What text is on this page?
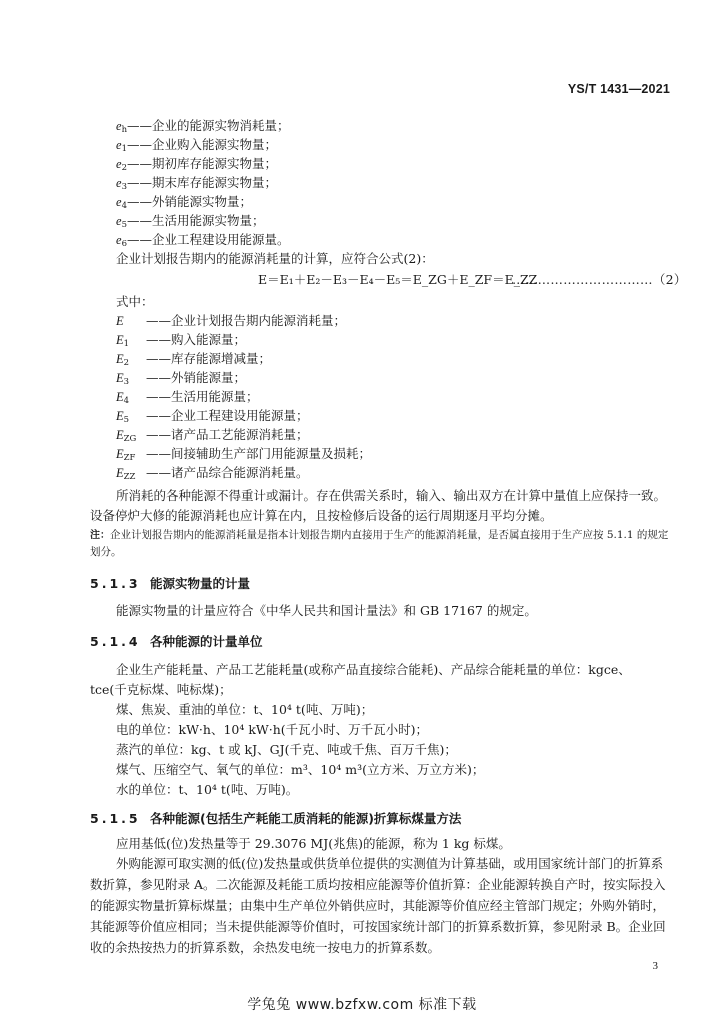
YS/T 1431—2021
$e_h——$企业的能源实物消耗量；
$e_1——$企业购入能源实物量；
$e_2——$期初库存能源实物量；
$e_3——$期末库存能源实物量；
$e_4——$外销能源实物量；
$e_5——$生活用能源实物量；
$e_6——$企业工程建设用能源量。
企业计划报告期内的能源消耗量的计算，应符合公式(2)：
E＝E₁＋E₂－E₃－E₄－E₅＝E_ZG＋E_ZF＝E_ZZ
……………………………（2）
式中：
E ——企业计划报告期内能源消耗量；
$E_1$ ——购入能源量；
$E_2$ ——库存能源增减量；
$E_3$ ——外销能源量；
$E_4$ ——生活用能源量；
$E_5$ ——企业工程建设用能源量；
$E_{ZG}$ ——诸产品工艺能源消耗量；
$E_{ZF}$ ——间接辅助生产部门用能源量及损耗；
$E_{ZZ}$ ——诸产品综合能源消耗量。
所消耗的各种能源不得重计或漏计。存在供需关系时，输入、输出双方在计算中量值上应保持一致。设备停炉大修的能源消耗也应计算在内，且按检修后设备的运行周期逐月平均分摊。
注：企业计划报告期内的能源消耗量是指本计划报告期内直接用于生产的能源消耗量，是否属直接用于生产应按 5.1.1 的规定划分。
5.1.3 能源实物量的计量
能源实物量的计量应符合《中华人民共和国计量法》和 GB 17167 的规定。
5.1.4 各种能源的计量单位
企业生产能耗量、产品工艺能耗量(或称产品直接综合能耗)、产品综合能耗量的单位：kgce、tce(千克标煤、吨标煤)；
煤、焦炭、重油的单位：t、10⁴ t(吨、万吨)；
电的单位：kW·h、10⁴ kW·h(千瓦小时、万千瓦小时)；
蒸汽的单位：kg、t 或 kJ、GJ(千克、吨或千焦、百万千焦)；
煤气、压缩空气、氧气的单位：m³、10⁴ m³(立方米、万立方米)；
水的单位：t、10⁴ t(吨、万吨)。
5.1.5 各种能源(包括生产耗能工质消耗的能源)折算标煤量方法
应用基低(位)发热量等于 29.3076 MJ(兆焦)的能源，称为 1 kg 标煤。
外购能源可取实测的低(位)发热量或供货单位提供的实测值为计算基础，或用国家统计部门的折算系数折算，参见附录 A。二次能源及耗能工质均按相应能源等价值折算：企业能源转换自产时，按实际投入的能源实物量折算标煤量；由集中生产单位外销供应时，其能源等价值应经主管部门规定；外购外销时，其能源等价值应相同；当未提供能源等价值时，可按国家统计部门的折算系数折算，参见附录 B。企业回收的余热按热力的折算系数，余热发电统一按电力的折算系数。
3
学兔兔 www.bzfxw.com 标准下载
